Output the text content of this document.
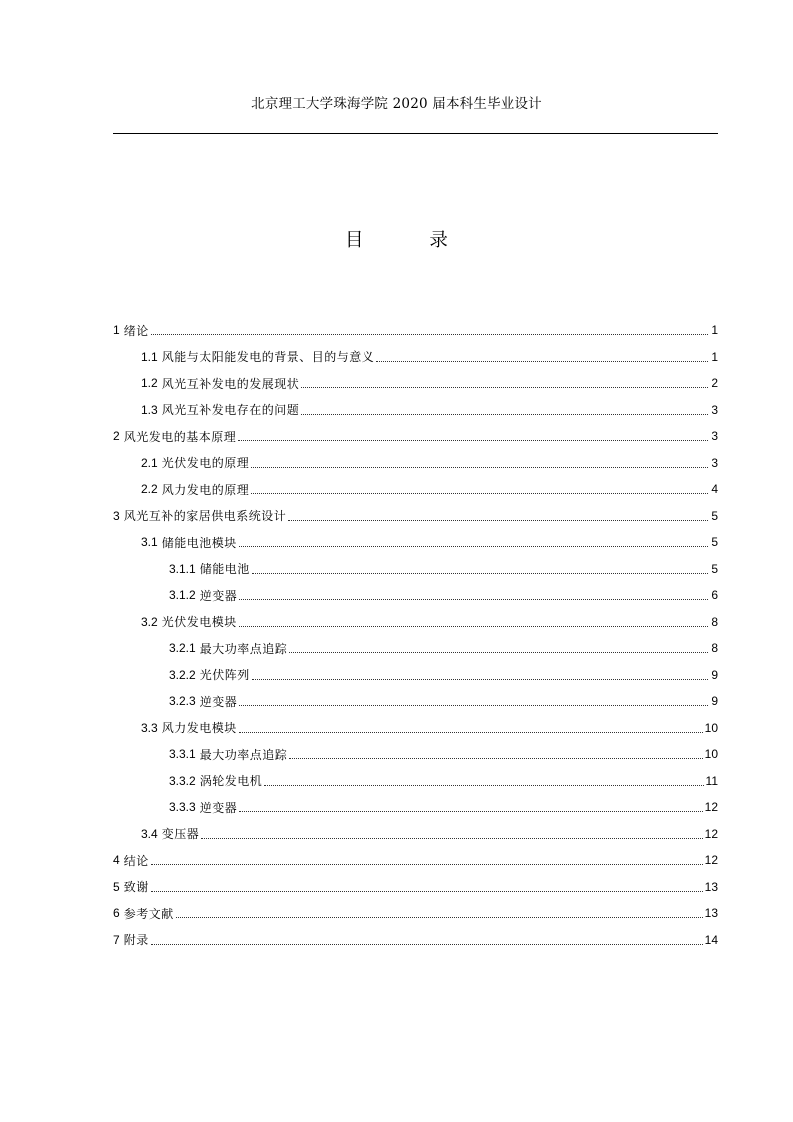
北京理工大学珠海学院 2020 届本科生毕业设计
目 录
1 绪论	1
1.1 风能与太阳能发电的背景、目的与意义	1
1.2 风光互补发电的发展现状	2
1.3 风光互补发电存在的问题	3
2 风光发电的基本原理	3
2.1 光伏发电的原理	3
2.2 风力发电的原理	4
3 风光互补的家居供电系统设计	5
3.1 储能电池模块	5
3.1.1 储能电池	5
3.1.2 逆变器	6
3.2 光伏发电模块	8
3.2.1 最大功率点追踪	8
3.2.2 光伏阵列	9
3.2.3 逆变器	9
3.3 风力发电模块	10
3.3.1 最大功率点追踪	10
3.3.2 涡轮发电机	11
3.3.3 逆变器	12
3.4 变压器	12
4 结论	12
5 致谢	13
6 参考文献	13
7 附录	14
